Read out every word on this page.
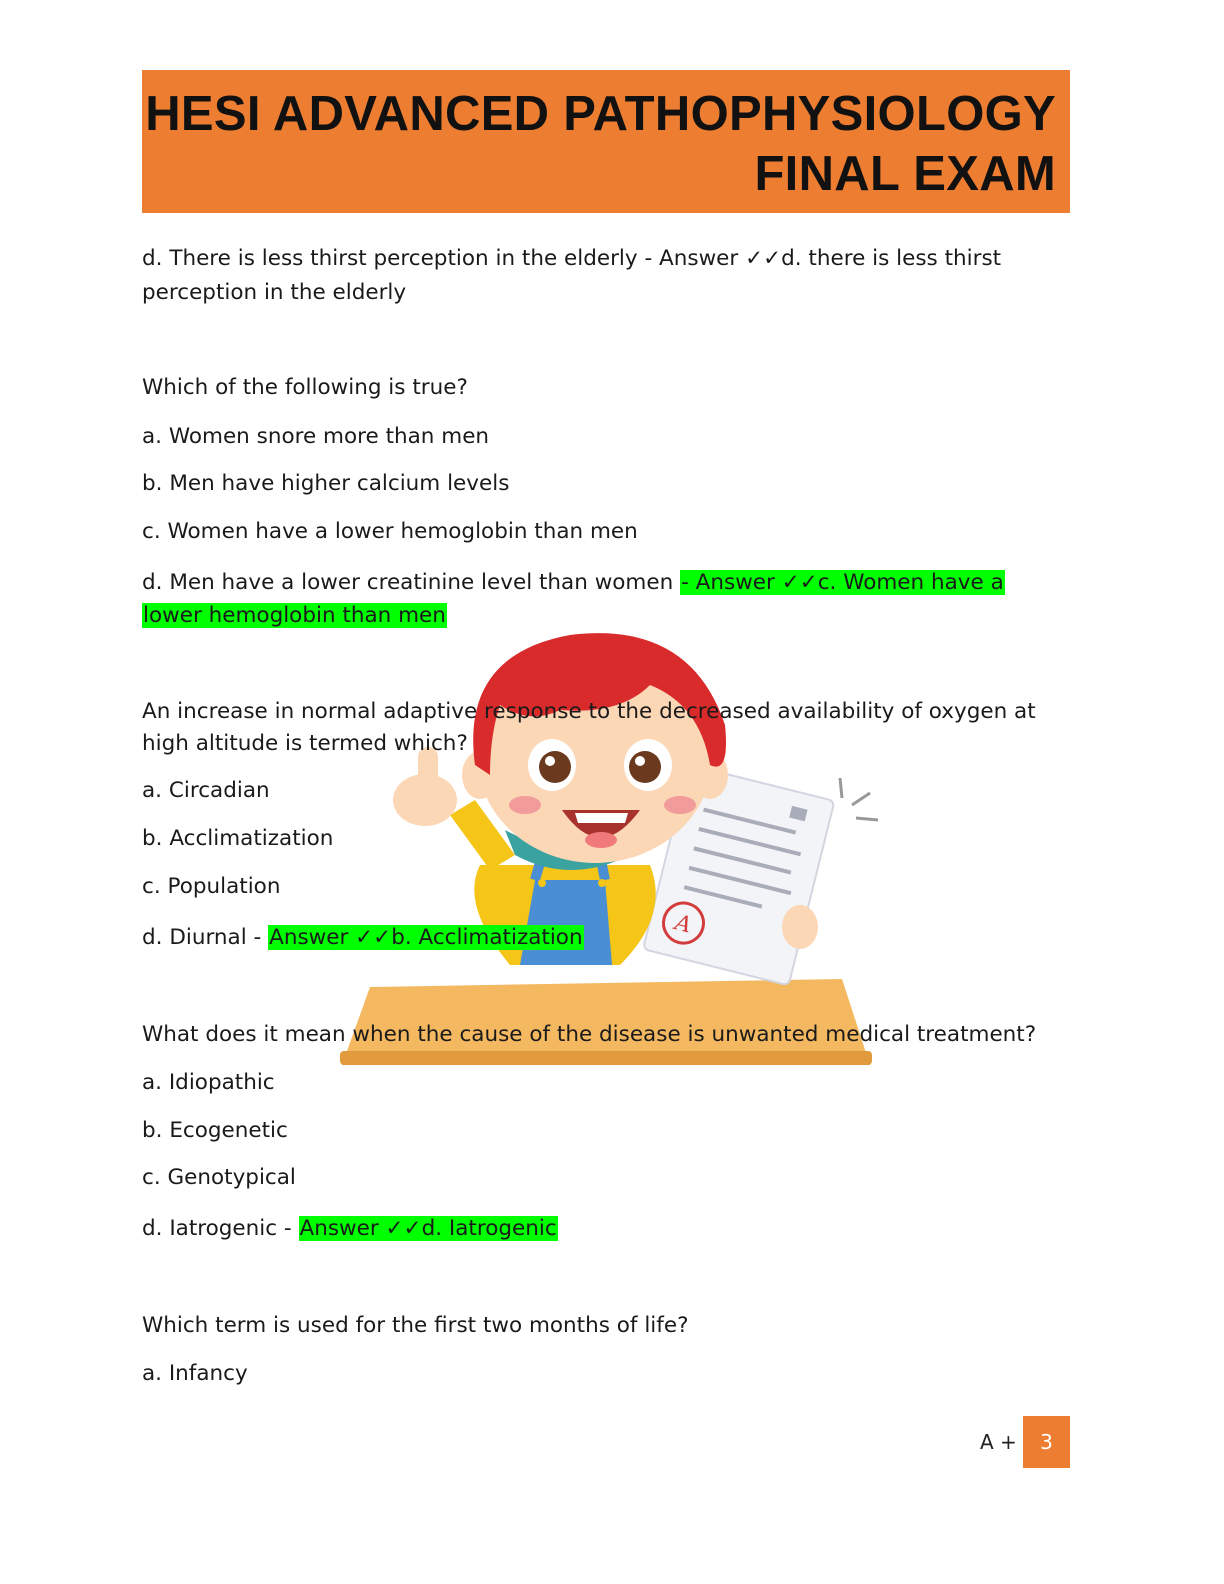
HESI ADVANCED PATHOPHYSIOLOGY
FINAL EXAM
A
d. There is less thirst perception in the elderly - Answer ✓✓d. there is less thirst
perception in the elderly
Which of the following is true?
a. Women snore more than men
b. Men have higher calcium levels
c. Women have a lower hemoglobin than men
d. Men have a lower creatinine level than women - Answer ✓✓c. Women have a
lower hemoglobin than men
An increase in normal adaptive response to the decreased availability of oxygen at
high altitude is termed which?
a. Circadian
b. Acclimatization
c. Population
d. Diurnal - Answer ✓✓b. Acclimatization
What does it mean when the cause of the disease is unwanted medical treatment?
a. Idiopathic
b. Ecogenetic
c. Genotypical
d. Iatrogenic - Answer ✓✓d. Iatrogenic
Which term is used for the first two months of life?
a. Infancy
A +	3
